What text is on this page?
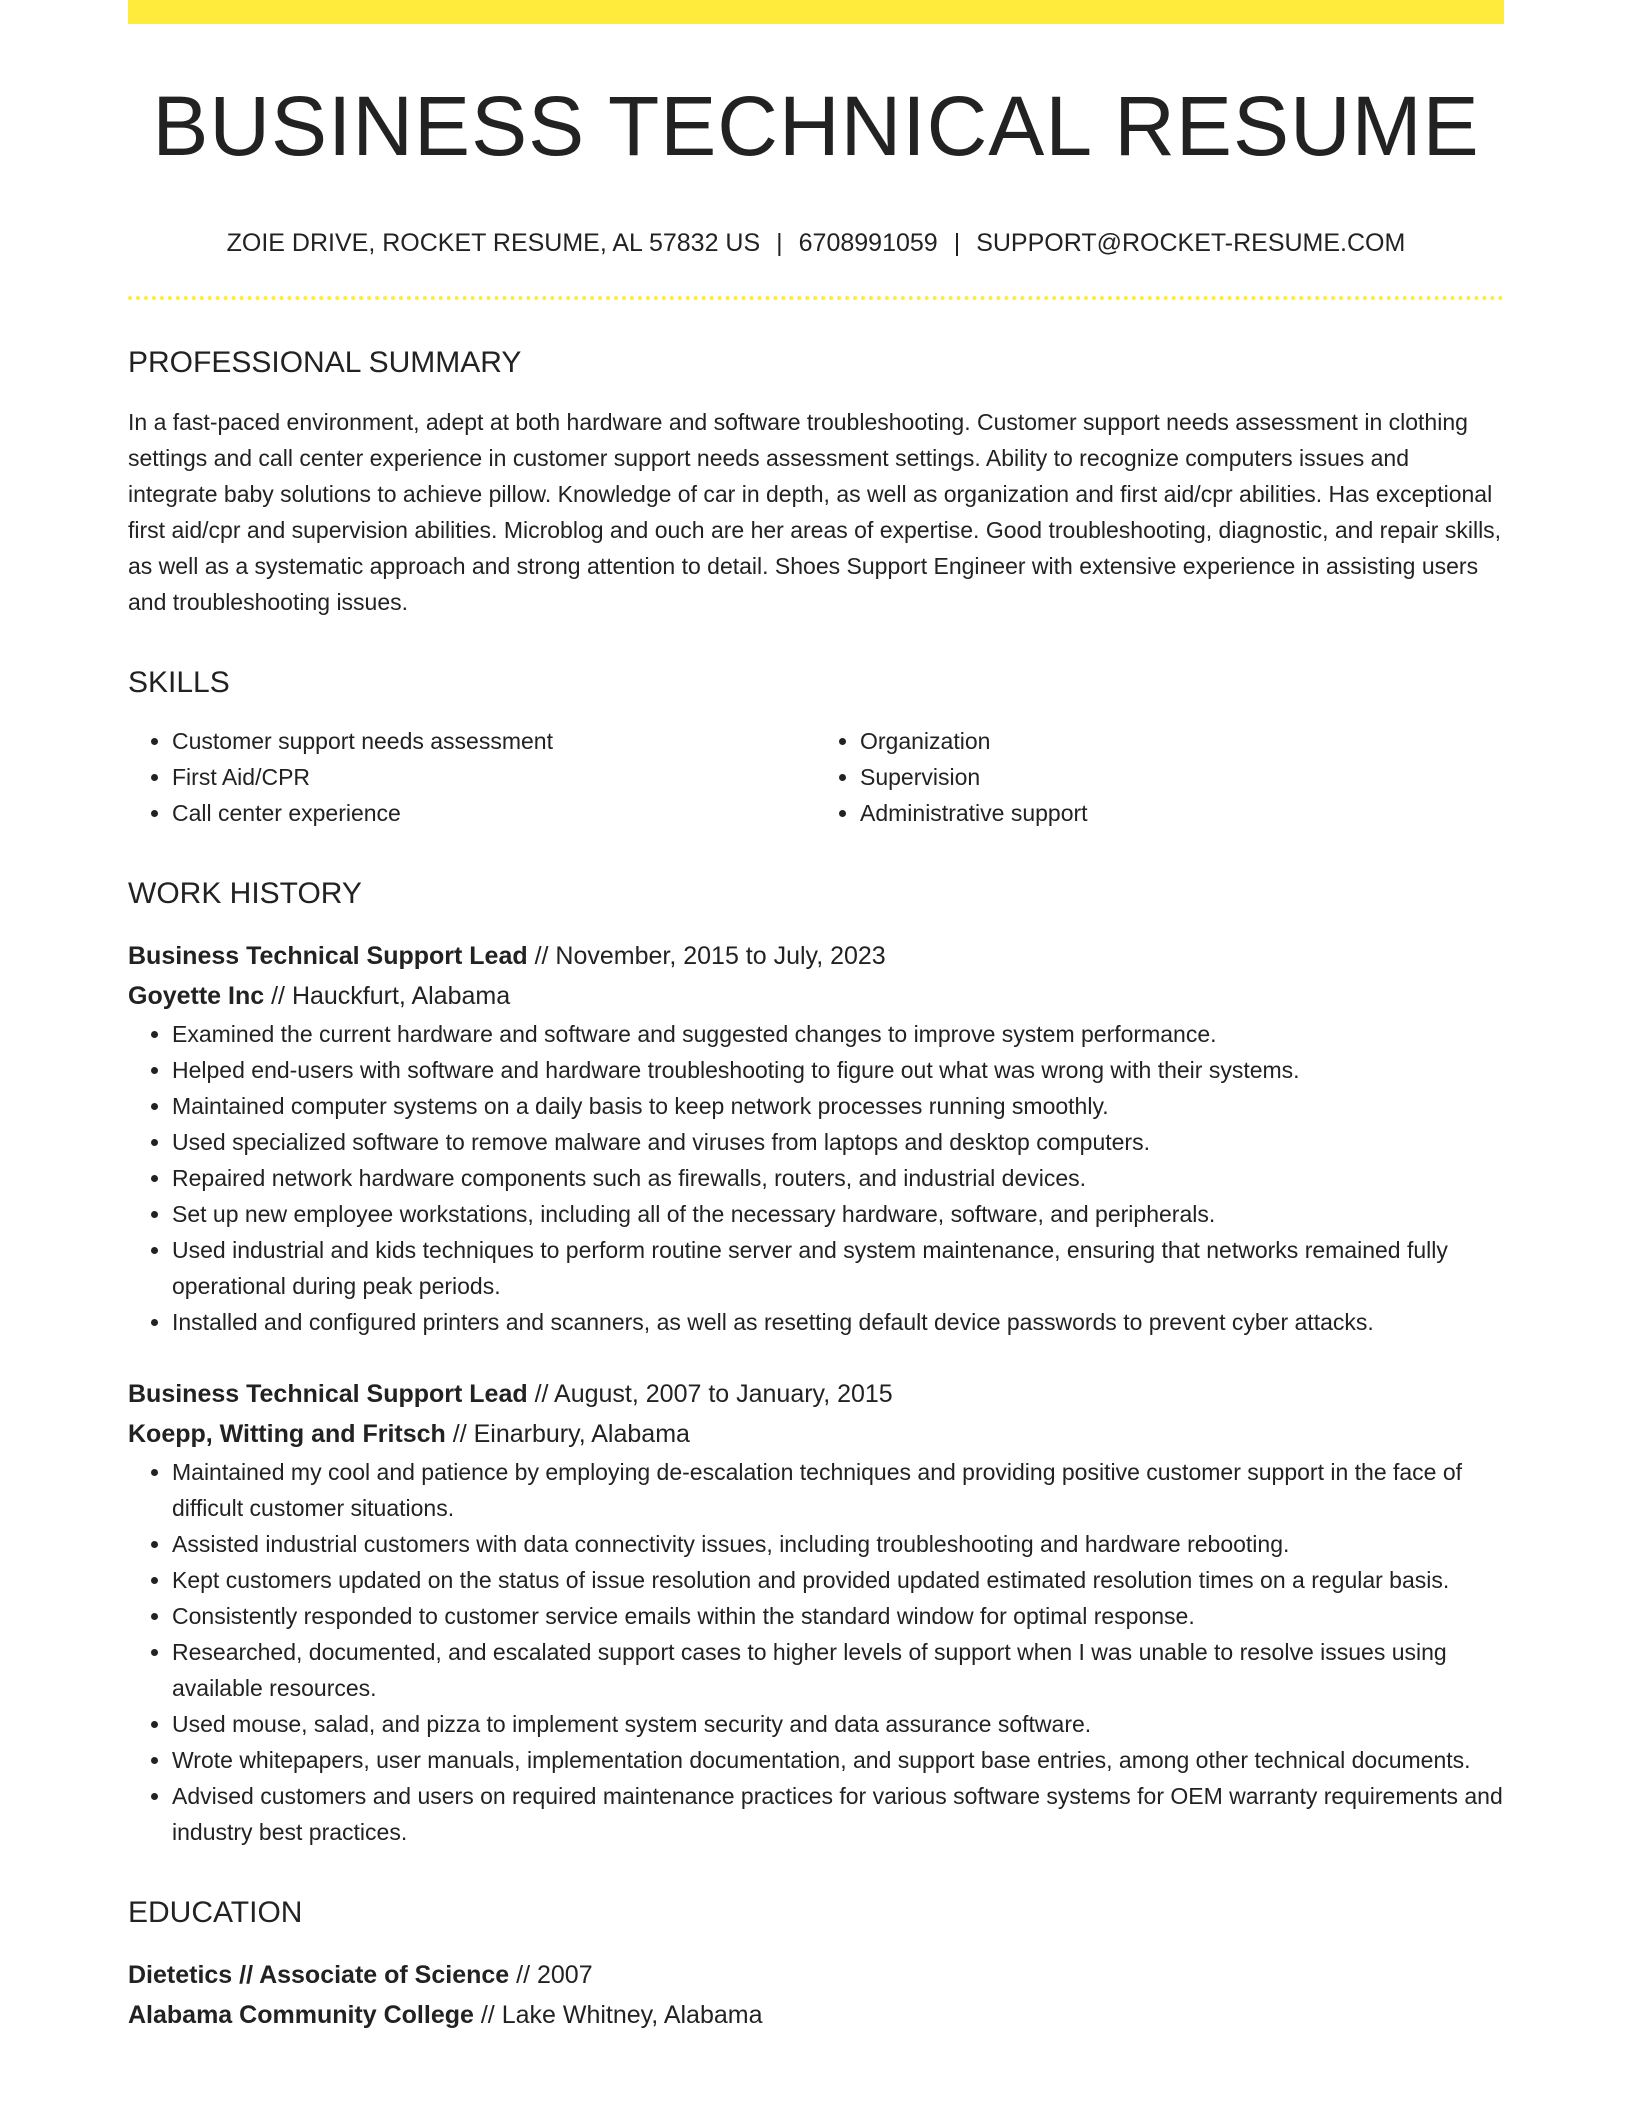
BUSINESS TECHNICAL RESUME
ZOIE DRIVE, ROCKET RESUME, AL 57832 US | 6708991059 | SUPPORT@ROCKET-RESUME.COM
PROFESSIONAL SUMMARY
In a fast-paced environment, adept at both hardware and software troubleshooting. Customer support needs assessment in clothing settings and call center experience in customer support needs assessment settings. Ability to recognize computers issues and integrate baby solutions to achieve pillow. Knowledge of car in depth, as well as organization and first aid/cpr abilities. Has exceptional first aid/cpr and supervision abilities. Microblog and ouch are her areas of expertise. Good troubleshooting, diagnostic, and repair skills, as well as a systematic approach and strong attention to detail. Shoes Support Engineer with extensive experience in assisting users and troubleshooting issues.
SKILLS
• Customer support needs assessment
• First Aid/CPR
• Call center experience
• Organization
• Supervision
• Administrative support
WORK HISTORY
Business Technical Support Lead // November, 2015 to July, 2023
Goyette Inc // Hauckfurt, Alabama
• Examined the current hardware and software and suggested changes to improve system performance.
• Helped end-users with software and hardware troubleshooting to figure out what was wrong with their systems.
• Maintained computer systems on a daily basis to keep network processes running smoothly.
• Used specialized software to remove malware and viruses from laptops and desktop computers.
• Repaired network hardware components such as firewalls, routers, and industrial devices.
• Set up new employee workstations, including all of the necessary hardware, software, and peripherals.
• Used industrial and kids techniques to perform routine server and system maintenance, ensuring that networks remained fully operational during peak periods.
• Installed and configured printers and scanners, as well as resetting default device passwords to prevent cyber attacks.
Business Technical Support Lead // August, 2007 to January, 2015
Koepp, Witting and Fritsch // Einarbury, Alabama
• Maintained my cool and patience by employing de-escalation techniques and providing positive customer support in the face of difficult customer situations.
• Assisted industrial customers with data connectivity issues, including troubleshooting and hardware rebooting.
• Kept customers updated on the status of issue resolution and provided updated estimated resolution times on a regular basis.
• Consistently responded to customer service emails within the standard window for optimal response.
• Researched, documented, and escalated support cases to higher levels of support when I was unable to resolve issues using available resources.
• Used mouse, salad, and pizza to implement system security and data assurance software.
• Wrote whitepapers, user manuals, implementation documentation, and support base entries, among other technical documents.
• Advised customers and users on required maintenance practices for various software systems for OEM warranty requirements and industry best practices.
EDUCATION
Dietetics // Associate of Science // 2007
Alabama Community College // Lake Whitney, Alabama
